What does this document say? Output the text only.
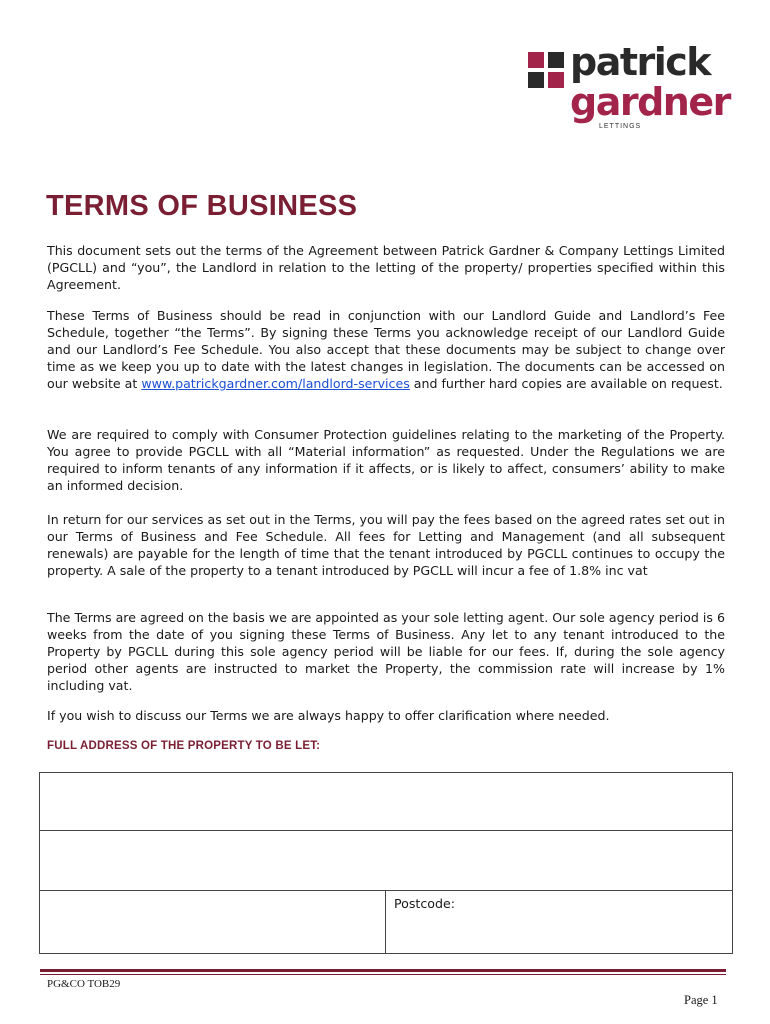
patrick
gardner
LETTINGS
TERMS OF BUSINESS

This document sets out the terms of the Agreement between Patrick Gardner & Company Lettings Limited (PGCLL) and “you”, the Landlord in relation to the letting of the property/ properties specified within this Agreement.

These Terms of Business should be read in conjunction with our Landlord Guide and Landlord’s Fee Schedule, together “the Terms”. By signing these Terms you acknowledge receipt of our Landlord Guide and our Landlord’s Fee Schedule. You also accept that these documents may be subject to change over time as we keep you up to date with the latest changes in legislation. The documents can be accessed on our website at www.patrickgardner.com/landlord-services and further hard copies are available on request.

We are required to comply with Consumer Protection guidelines relating to the marketing of the Property. You agree to provide PGCLL with all “Material information” as requested. Under the Regulations we are required to inform tenants of any information if it affects, or is likely to affect, consumers’ ability to make an informed decision.

In return for our services as set out in the Terms, you will pay the fees based on the agreed rates set out in our Terms of Business and Fee Schedule. All fees for Letting and Management (and all subsequent renewals) are payable for the length of time that the tenant introduced by PGCLL continues to occupy the property. A sale of the property to a tenant introduced by PGCLL will incur a fee of 1.8% inc vat

The Terms are agreed on the basis we are appointed as your sole letting agent. Our sole agency period is 6 weeks from the date of you signing these Terms of Business. Any let to any tenant introduced to the Property by PGCLL during this sole agency period will be liable for our fees. If, during the sole agency period other agents are instructed to market the Property, the commission rate will increase by 1% including vat.

If you wish to discuss our Terms we are always happy to offer clarification where needed.

FULL ADDRESS OF THE PROPERTY TO BE LET:

Postcode:
PG&CO TOB29
Page 1
